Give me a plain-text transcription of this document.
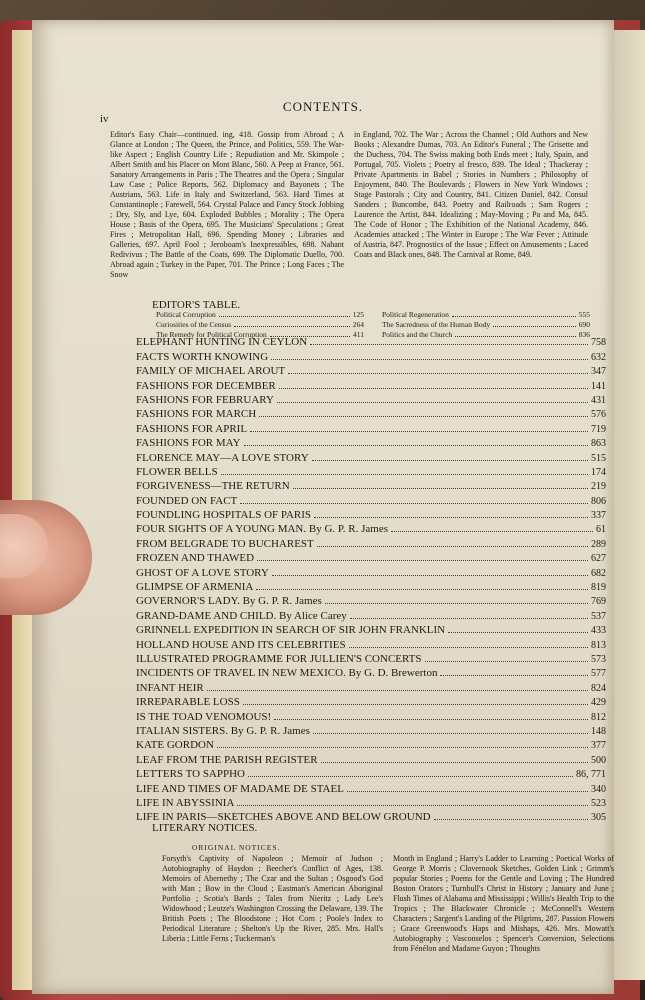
CONTENTS.
iv

Editor's Easy Chair—continued. ing, 418. Gossip from Abroad ; A Glance at London ; The Queen, the Prince, and Politics, 559. The War-like Aspect ; English Country Life ; Repudiation and Mr. Skimpole ; Albert Smith and his Placer on Mont Blanc, 560. A Peep at France, 561. Sanatory Arrangements in Paris ; The Theatres and the Opera ; Singular Law Case ; Police Reports, 562. Diplomacy and Bayonets ; The Austrians, 563. Life in Italy and Switzerland, 563. Hard Times at Constantinople ; Farewell, 564. Crystal Palace and Fancy Stock Jobbing ; Dry, Sly, and Lye, 604. Exploded Bubbles ; Morality ; The Opera House ; Basis of the Opera, 695. The Musicians' Speculations ; Great Fires ; Metropolitan Hall, 696. Spending Money ; Libraries and Galleries, 697. April Fool ; Jeroboam's Inexpressibles, 698. Nahant Redivivus ; The Battle of the Coats, 699. The Diplomatic Duello, 700. Abroad again ; Turkey in the Paper, 701. The Prince ; Long Faces ; The Snow

in England, 702. The War ; Across the Channel ; Old Authors and New Books ; Alexandre Dumas, 703. An Editor's Funeral ; The Grisette and the Duchess, 704. The Swiss making both Ends meet ; Italy, Spain, and Portugal, 705. Violets ; Poetry al fresco, 839. The Ideal ; Thackeray ; Private Apartments in Babel ; Stories in Numbers ; Philosophy of Enjoyment, 840. The Boulevards ; Flowers in New York Windows ; Stage Pastorals ; City and Country, 841. Citizen Daniel, 842. Consul Sanders ; Buncombe, 843. Poetry and Railroads ; Sam Rogers ; Laurence the Artist, 844. Idealizing ; May-Moving ; Pa and Ma, 845. The Code of Honor ; The Exhibition of the National Academy, 846. Academies attacked ; The Winter in Europe ; The War Fever ; Attitude of Austria, 847. Prognostics of the Issue ; Effect on Amusements ; Laced Coats and Black ones, 848. The Carnival at Rome, 849.

EDITOR'S TABLE.
Political Corruption	125
Curiosities of the Census	264
The Remedy for Political Corruption	411
Political Regeneration	555
The Sacredness of the Human Body	690
Politics and the Church	836
ELEPHANT HUNTING IN CEYLON	758
FACTS WORTH KNOWING	632
FAMILY OF MICHAEL AROUT	347
FASHIONS FOR DECEMBER	141
FASHIONS FOR FEBRUARY	431
FASHIONS FOR MARCH	576
FASHIONS FOR APRIL	719
FASHIONS FOR MAY	863
FLORENCE MAY—A LOVE STORY	515
FLOWER BELLS	174
FORGIVENESS—THE RETURN	219
FOUNDED ON FACT	806
FOUNDLING HOSPITALS OF PARIS	337
FOUR SIGHTS OF A YOUNG MAN. By G. P. R. James	61
FROM BELGRADE TO BUCHAREST	289
FROZEN AND THAWED	627
GHOST OF A LOVE STORY	682
GLIMPSE OF ARMENIA	819
GOVERNOR'S LADY. By G. P. R. James	769
GRAND-DAME AND CHILD. By Alice Carey	537
GRINNELL EXPEDITION IN SEARCH OF SIR JOHN FRANKLIN	433
HOLLAND HOUSE AND ITS CELEBRITIES	813
ILLUSTRATED PROGRAMME FOR JULLIEN'S CONCERTS	573
INCIDENTS OF TRAVEL IN NEW MEXICO. By G. D. Brewerton	577
INFANT HEIR	824
IRREPARABLE LOSS	429
IS THE TOAD VENOMOUS!	812
ITALIAN SISTERS. By G. P. R. James	148
KATE GORDON	377
LEAF FROM THE PARISH REGISTER	500
LETTERS TO SAPPHO	86, 771
LIFE AND TIMES OF MADAME DE STAEL	340
LIFE IN ABYSSINIA	523
LIFE IN PARIS—SKETCHES ABOVE AND BELOW GROUND	305
LITERARY NOTICES.
ORIGINAL NOTICES.

Forsyth's Captivity of Napoleon ; Memoir of Judson ; Autobiography of Haydon ; Beecher's Conflict of Ages, 138. Memoirs of Abernethy ; The Czar and the Sultan ; Osgood's God with Man ; Bow in the Cloud ; Eastman's American Aboriginal Portfolio ; Scotia's Bards ; Tales from Nieritz ; Lady Lee's Widowhood ; Leutze's Washington Crossing the Delaware, 139. The British Poets ; The Bloodstone ; Hot Corn ; Poole's Index to Periodical Literature ; Shelton's Up the River, 285. Mrs. Hall's Liberia ; Little Ferns ; Tuckerman's

Month in England ; Harry's Ladder to Learning ; Poetical Works of George P. Morris ; Clovernook Sketches, Golden Link ; Grimm's popular Stories ; Poems for the Gentle and Loving ; The Hundred Boston Orators ; Turnbull's Christ in History ; January and June ; Flush Times of Alabama and Mississippi ; Willis's Health Trip to the Tropics ; The Blackwater Chronicle ; McConnell's Western Characters ; Sargent's Landing of the Pilgrims, 287. Passion Flowers ; Grace Greenwood's Haps and Mishaps, 426. Mrs. Mowatt's Autobiography ; Vasconselos ; Spencer's Conversion, Selections from Fénélon and Madame Guyon ; Thoughts
